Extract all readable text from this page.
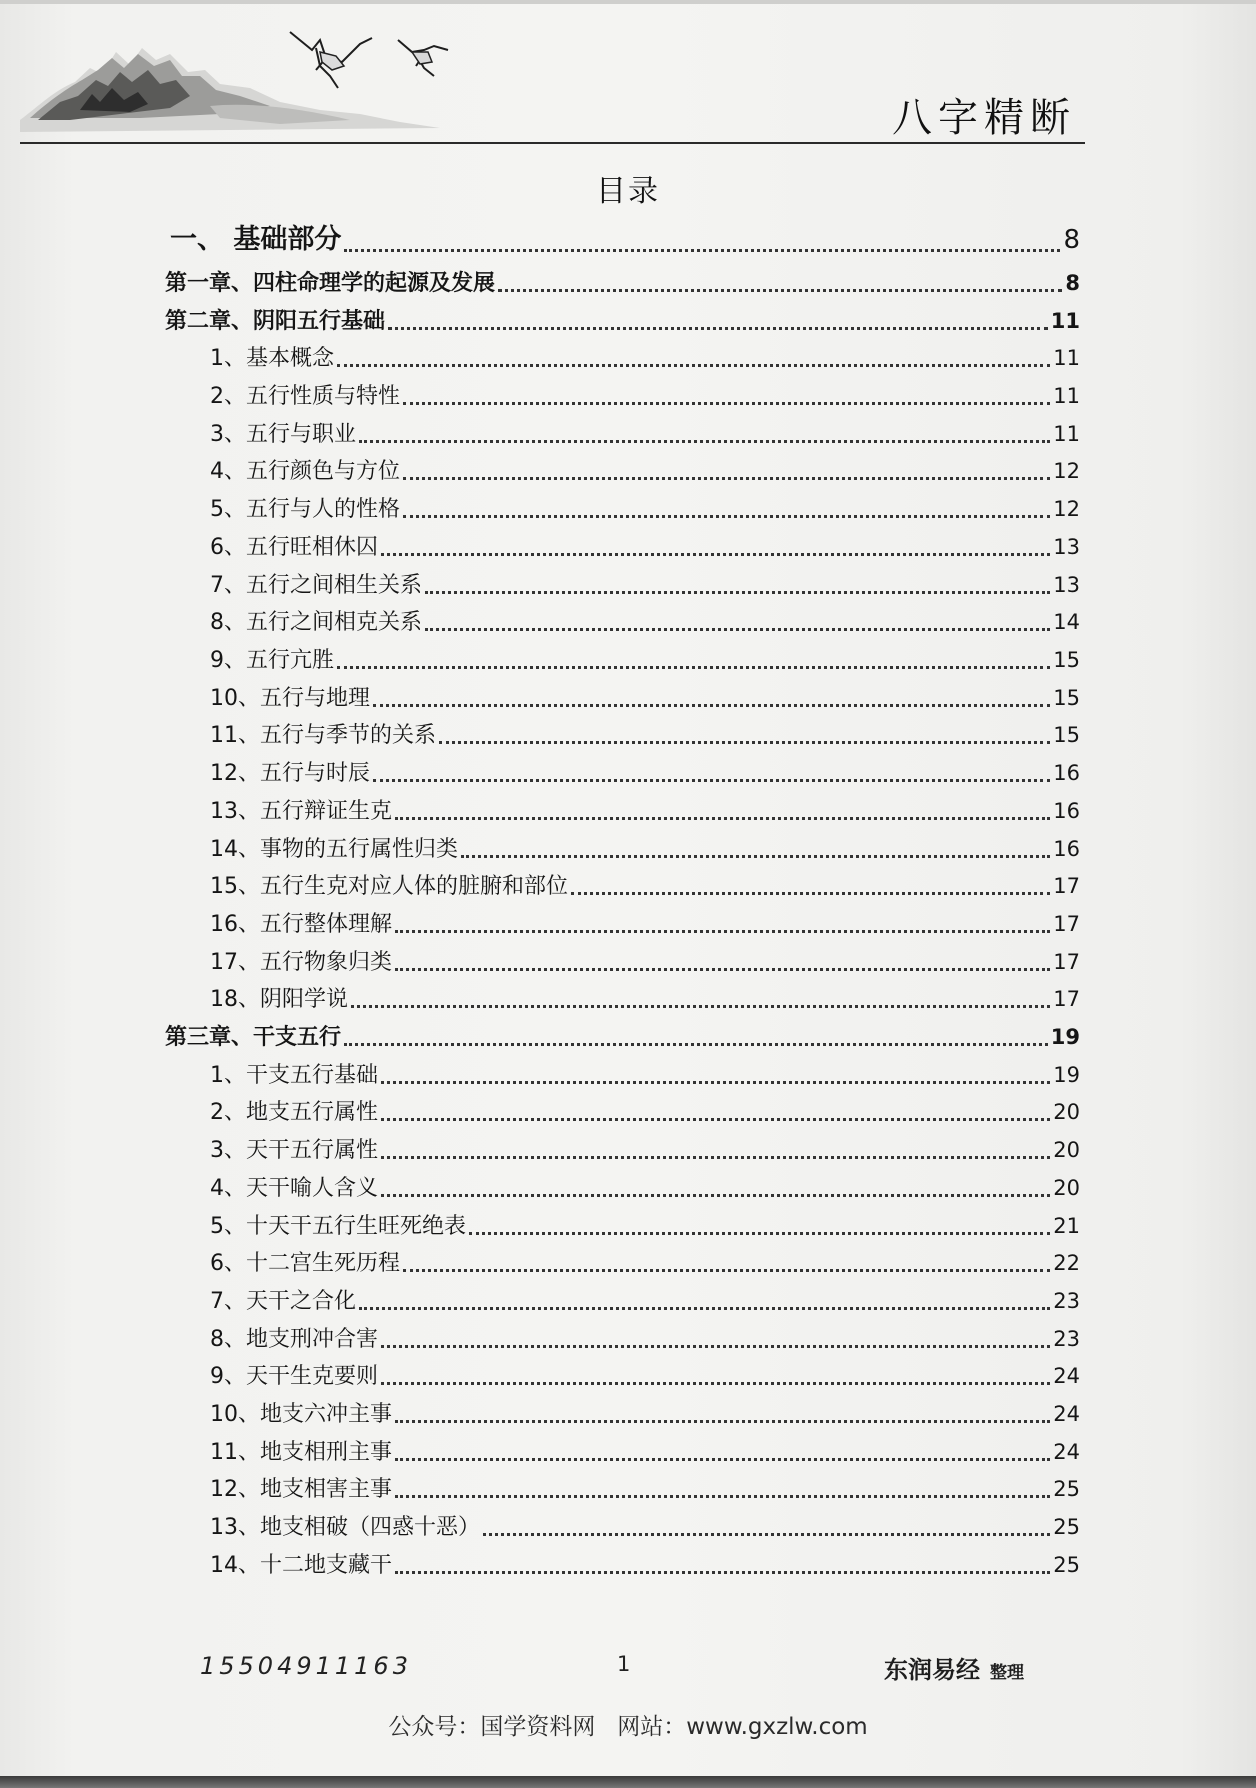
八字精断
目录
一、 基础部分	8
第一章、四柱命理学的起源及发展	8
第二章、阴阳五行基础	11
1、基本概念	11
2、五行性质与特性	11
3、五行与职业	11
4、五行颜色与方位	12
5、五行与人的性格	12
6、五行旺相休囚	13
7、五行之间相生关系	13
8、五行之间相克关系	14
9、五行亢胜	15
10、五行与地理	15
11、五行与季节的关系	15
12、五行与时辰	16
13、五行辩证生克	16
14、事物的五行属性归类	16
15、五行生克对应人体的脏腑和部位	17
16、五行整体理解	17
17、五行物象归类	17
18、阴阳学说	17
第三章、干支五行	19
1、干支五行基础	19
2、地支五行属性	20
3、天干五行属性	20
4、天干喻人含义	20
5、十天干五行生旺死绝表	21
6、十二宫生死历程	22
7、天干之合化	23
8、地支刑冲合害	23
9、天干生克要则	24
10、地支六冲主事	24
11、地支相刑主事	24
12、地支相害主事	25
13、地支相破（四惑十恶）	25
14、十二地支藏干	25
15504911163	1	东润易经 整理
公众号：国学资料网   网站：www.gxzlw.com
